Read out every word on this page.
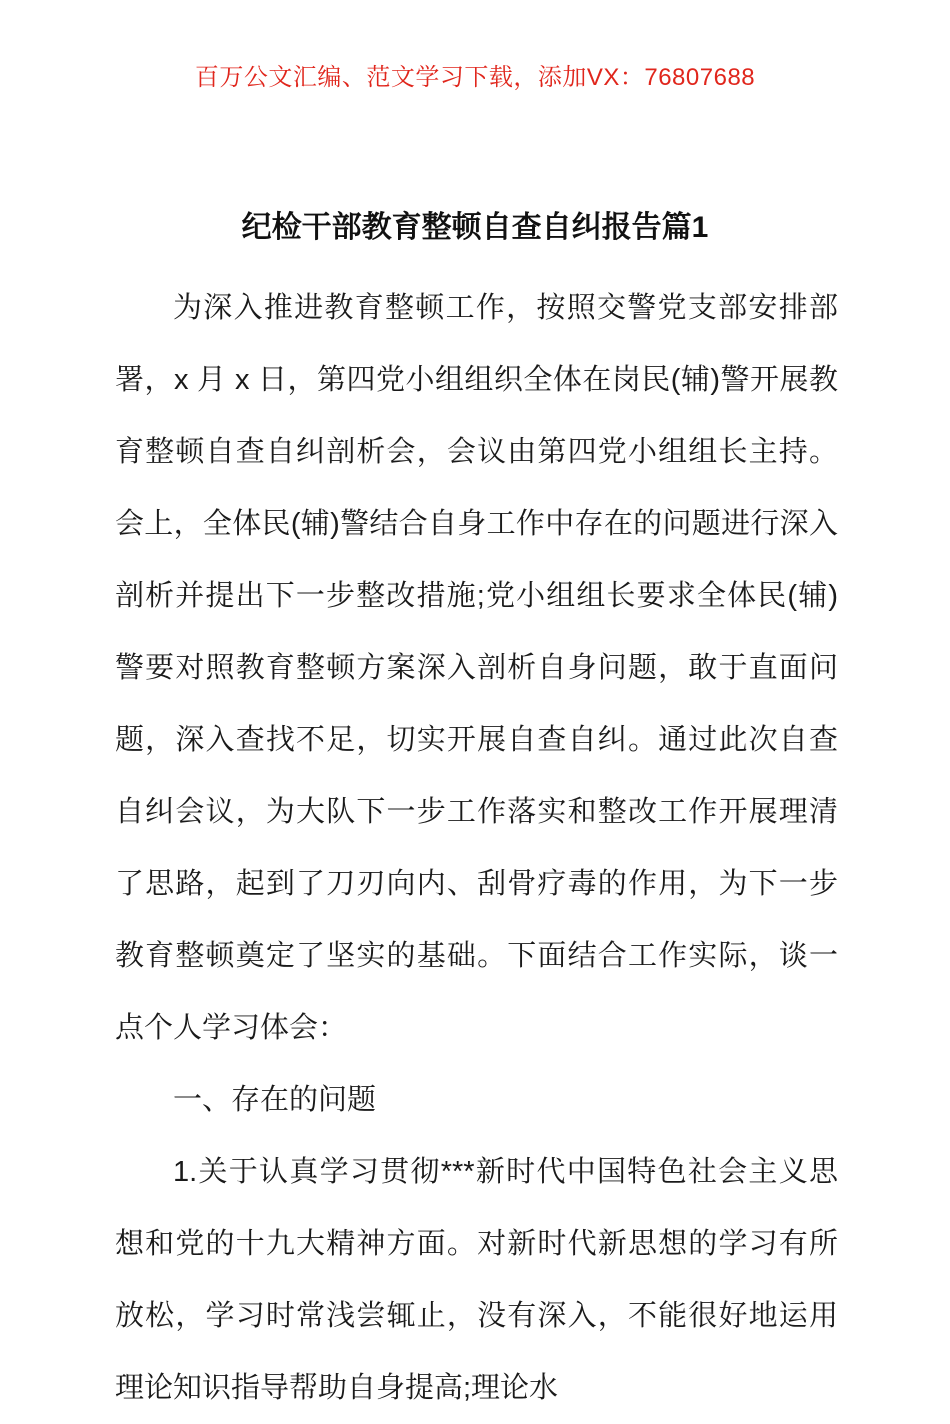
百万公文汇编、范文学习下载，添加VX：76807688
纪检干部教育整顿自查自纠报告篇1

为深入推进教育整顿工作，按照交警党支部安排部署，x 月 x 日，第四党小组组织全体在岗民(辅)警开展教育整顿自查自纠剖析会，会议由第四党小组组长主持。会上，全体民(辅)警结合自身工作中存在的问题进行深入剖析并提出下一步整改措施;党小组组长要求全体民(辅)警要对照教育整顿方案深入剖析自身问题，敢于直面问题，深入查找不足，切实开展自查自纠。通过此次自查自纠会议，为大队下一步工作落实和整改工作开展理清了思路，起到了刀刃向内、刮骨疗毒的作用，为下一步教育整顿奠定了坚实的基础。下面结合工作实际，谈一点个人学习体会：

一、存在的问题

1.关于认真学习贯彻***新时代中国特色社会主义思想和党的十九大精神方面。对新时代新思想的学习有所放松，学习时常浅尝辄止，没有深入，不能很好地运用理论知识指导帮助自身提高;理论水
